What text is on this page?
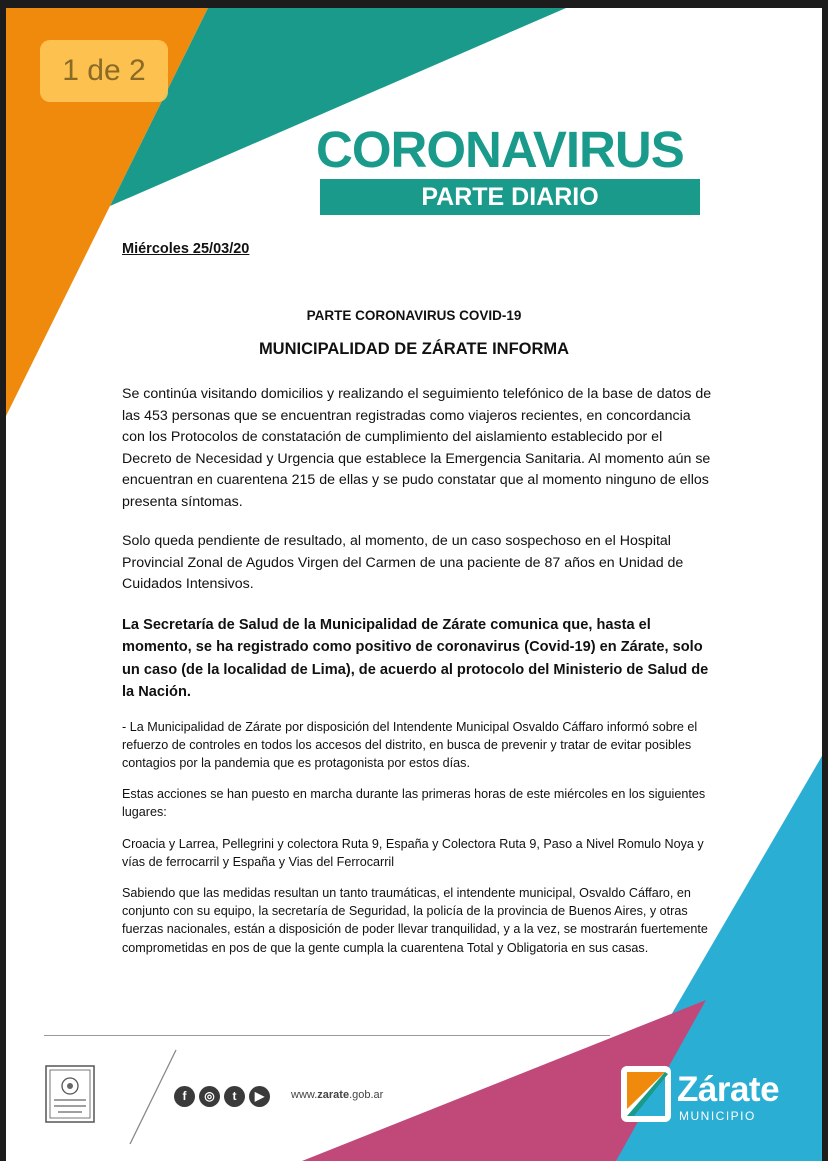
1 de 2
CORONAVIRUS
PARTE DIARIO
Miércoles 25/03/20
PARTE CORONAVIRUS COVID-19
MUNICIPALIDAD DE ZÁRATE INFORMA

Se continúa visitando domicilios y realizando el seguimiento telefónico de la base de datos de las 453 personas que se encuentran registradas como viajeros recientes, en concordancia con los Protocolos de constatación de cumplimiento del aislamiento establecido por el Decreto de Necesidad y Urgencia que establece la Emergencia Sanitaria. Al momento aún se encuentran en cuarentena 215 de ellas y se pudo constatar que al momento ninguno de ellos presenta síntomas.

Solo queda pendiente de resultado, al momento, de un caso sospechoso en el Hospital Provincial Zonal de Agudos Virgen del Carmen de una paciente de 87 años en Unidad de Cuidados Intensivos.

La Secretaría de Salud de la Municipalidad de Zárate comunica que, hasta el momento, se ha registrado como positivo de coronavirus (Covid-19) en Zárate, solo un caso (de la localidad de Lima), de acuerdo al protocolo del Ministerio de Salud de la Nación.

- La Municipalidad de Zárate por disposición del Intendente Municipal Osvaldo Cáffaro informó sobre el refuerzo de controles en todos los accesos del distrito, en busca de prevenir y tratar de evitar posibles contagios por la pandemia que es protagonista por estos días.

Estas acciones se han puesto en marcha durante las primeras horas de este miércoles en los siguientes lugares:

Croacia y Larrea, Pellegrini y colectora Ruta 9, España y Colectora Ruta 9, Paso a Nivel Romulo Noya y vías de ferrocarril y España y Vias del Ferrocarril

Sabiendo que las medidas resultan un tanto traumáticas, el intendente municipal, Osvaldo Cáffaro, en conjunto con su equipo, la secretaría de Seguridad, la policía de la provincia de Buenos Aires, y otras fuerzas nacionales, están a disposición de poder llevar tranquilidad, y a la vez, se mostrarán fuertemente comprometidas en pos de que la gente cumpla la cuarentena Total y Obligatoria en sus casas.

f	◎	t	▶	www.zarate.gob.ar	Zárate
MUNICIPIO
